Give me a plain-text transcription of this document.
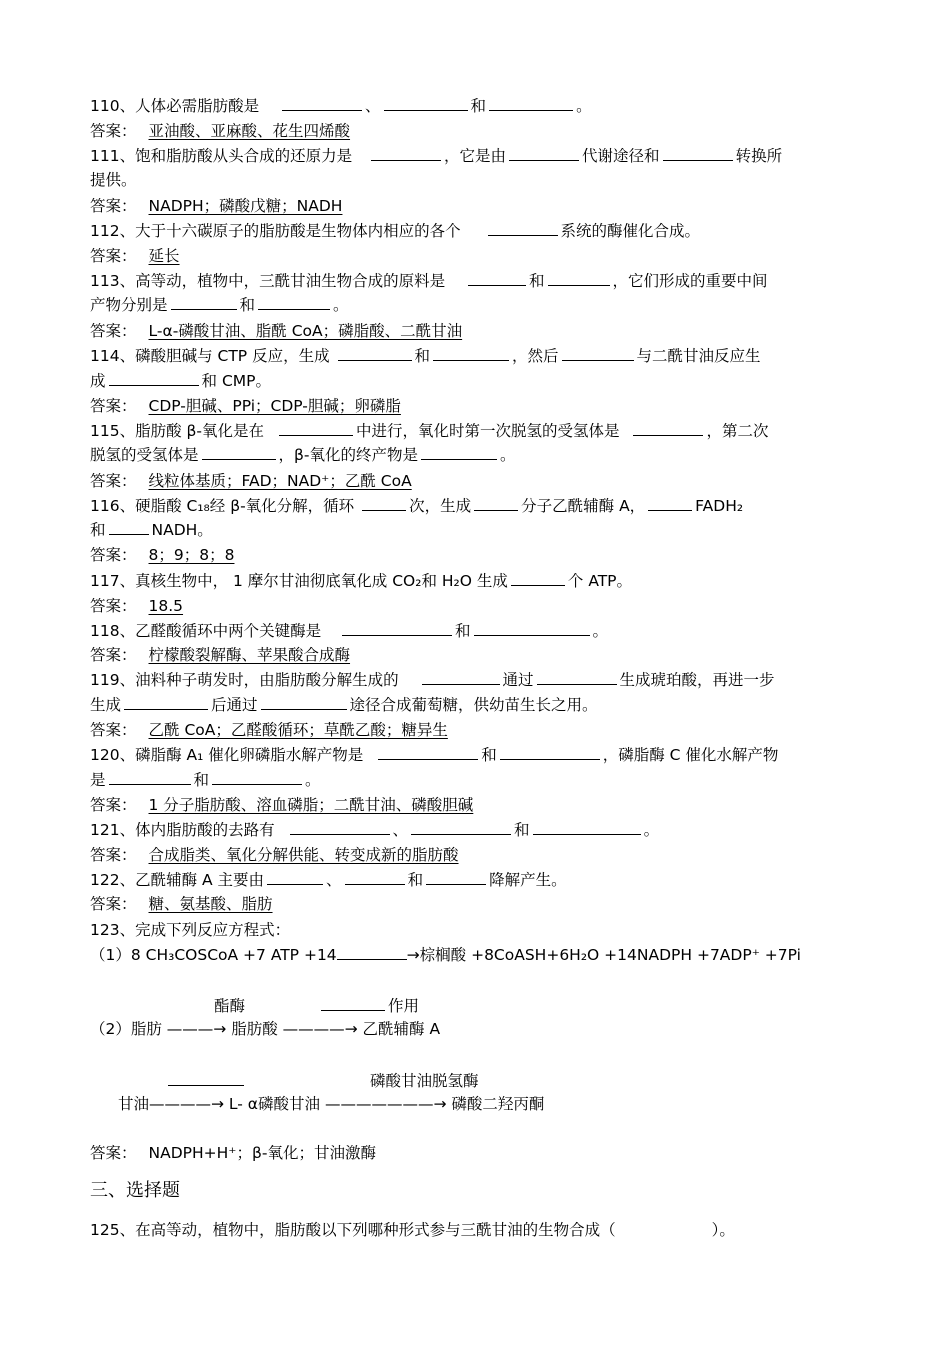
110、人体必需脂肪酸是	、	和	。
答案： 亚油酸、亚麻酸、花生四烯酸
111、饱和脂肪酸从头合成的还原力是	，它是由	代谢途径和	转换所
提供。
答案： NADPH；磷酸戊糖；NADH
112、大于十六碳原子的脂肪酸是生物体内相应的各个	系统的酶催化合成。
答案： 延长
113、高等动，植物中，三酰甘油生物合成的原料是	和	，它们形成的重要中间
产物分别是	和	。
答案： L-α-磷酸甘油、脂酰 CoA；磷脂酸、二酰甘油
114、磷酸胆碱与 CTP 反应，生成	和	，然后	与二酰甘油反应生
成	和 CMP。
答案： CDP-胆碱、PPi；CDP-胆碱；卵磷脂
115、脂肪酸 β-氧化是在	中进行，氧化时第一次脱氢的受氢体是	，第二次
脱氢的受氢体是	，β-氧化的终产物是	。
答案： 线粒体基质；FAD；NAD⁺；乙酰 CoA
116、硬脂酸 C₁₈经 β-氧化分解，循环	次，生成	分子乙酰辅酶 A，	FADH₂
和	NADH。
答案： 8；9；8；8
117、真核生物中， 1 摩尔甘油彻底氧化成 CO₂和 H₂O 生成	个 ATP。
答案： 18.5
118、乙醛酸循环中两个关键酶是	和	。
答案： 柠檬酸裂解酶、苹果酸合成酶
119、油料种子萌发时，由脂肪酸分解生成的	通过	生成琥珀酸，再进一步
生成	后通过	途径合成葡萄糖，供幼苗生长之用。
答案： 乙酰 CoA；乙醛酸循环；草酰乙酸；糖异生
120、磷脂酶 A₁ 催化卵磷脂水解产物是	和	，磷脂酶 C 催化水解产物
是	和	。
答案： 1 分子脂肪酸、溶血磷脂；二酰甘油、磷酸胆碱
121、体内脂肪酸的去路有	、	和	。
答案： 合成脂类、氧化分解供能、转变成新的脂肪酸
122、乙酰辅酶 A 主要由	、	和	降解产生。
答案： 糖、氨基酸、脂肪
123、完成下列反应方程式：
（1）8 CH₃COSCoA +7 ATP +14	→棕榈酸 +8CoASH+6H₂O +14NADPH +7ADP⁺ +7Pi
酯酶	作用
（2）脂肪 ———→ 脂肪酸 ————→ 乙酰辅酶 A
磷酸甘油脱氢酶
甘油————→ L- α磷酸甘油 ———————→ 磷酸二羟丙酮
答案： NADPH+H⁺；β-氧化；甘油激酶
三、选择题
125、在高等动，植物中，脂肪酸以下列哪种形式参与三酰甘油的生物合成（	）。
